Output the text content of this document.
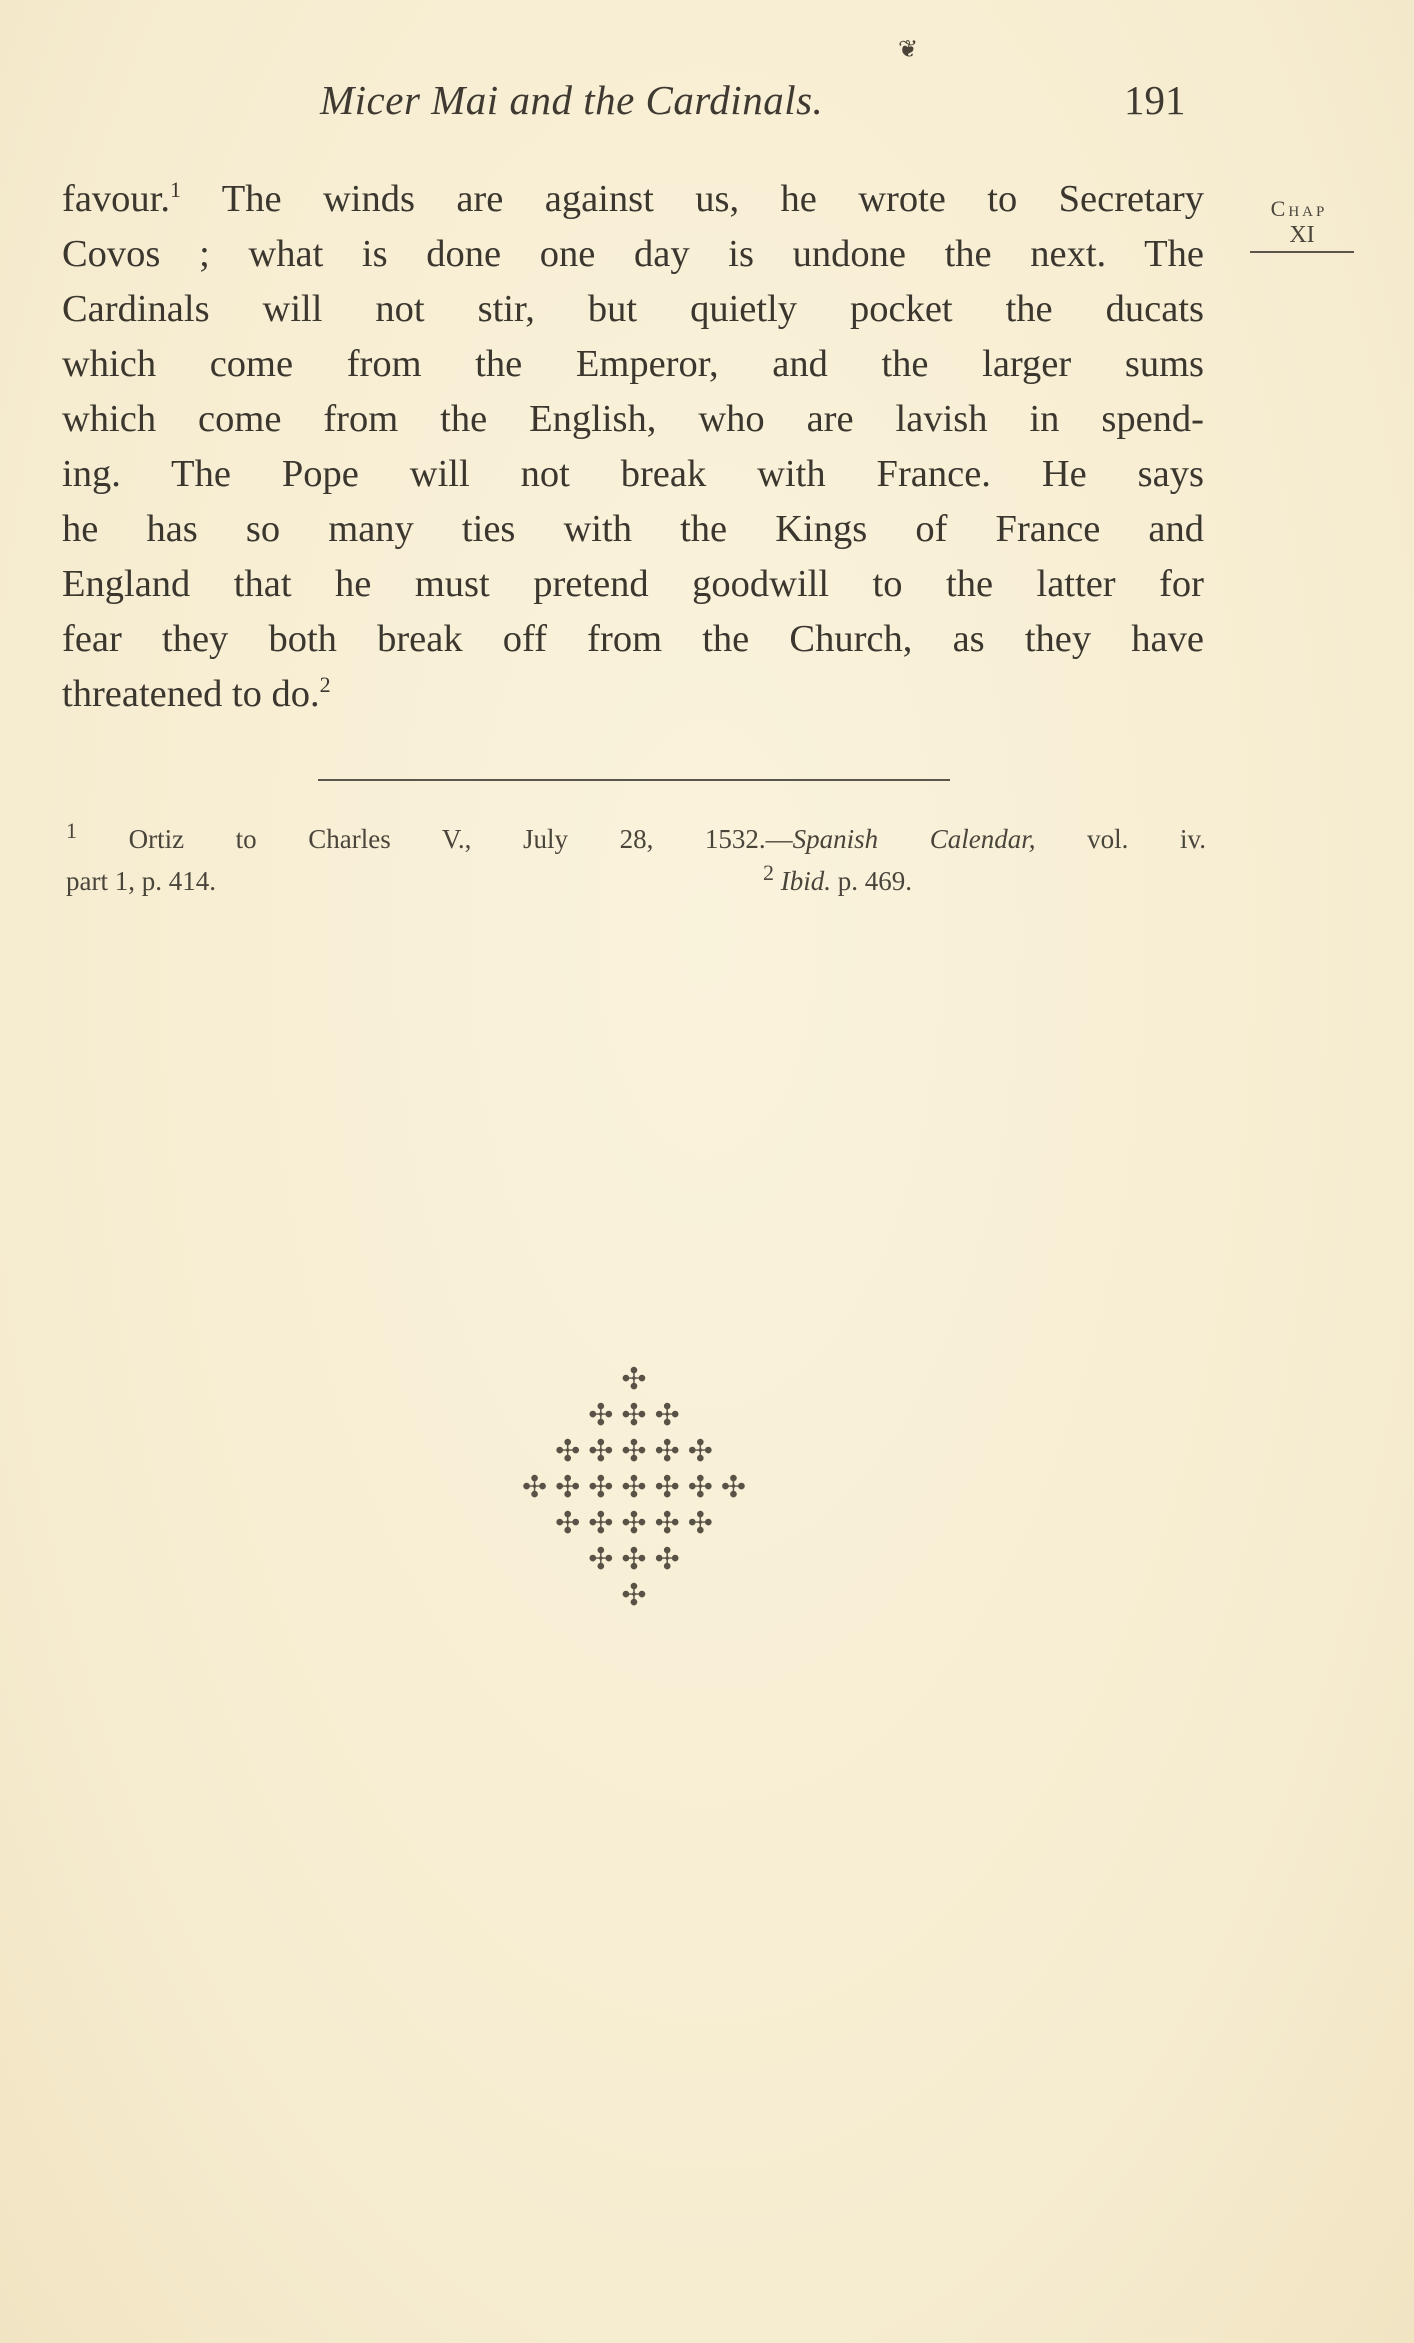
❦
Micer Mai and the Cardinals.	191
Chap
XI
favour.$^1$ The winds are against us, he wrote to Secretary
Covos ; what is done one day is undone the next. The
Cardinals will not stir, but quietly pocket the ducats
which come from the Emperor, and the larger sums
which come from the English, who are lavish in spend-
ing. The Pope will not break with France. He says
he has so many ties with the Kings of France and
England that he must pretend goodwill to the latter for
fear they both break off from the Church, as they have
threatened to do.$^2$
$^1$ Ortiz to Charles V., July 28, 1532.—Spanish Calendar, vol. iv.
part 1, p. 414.	$^2$ Ibid. p. 469.
✣
✣✣✣
✣✣✣✣✣
✣✣✣✣✣✣✣
✣✣✣✣✣
✣✣✣
✣
